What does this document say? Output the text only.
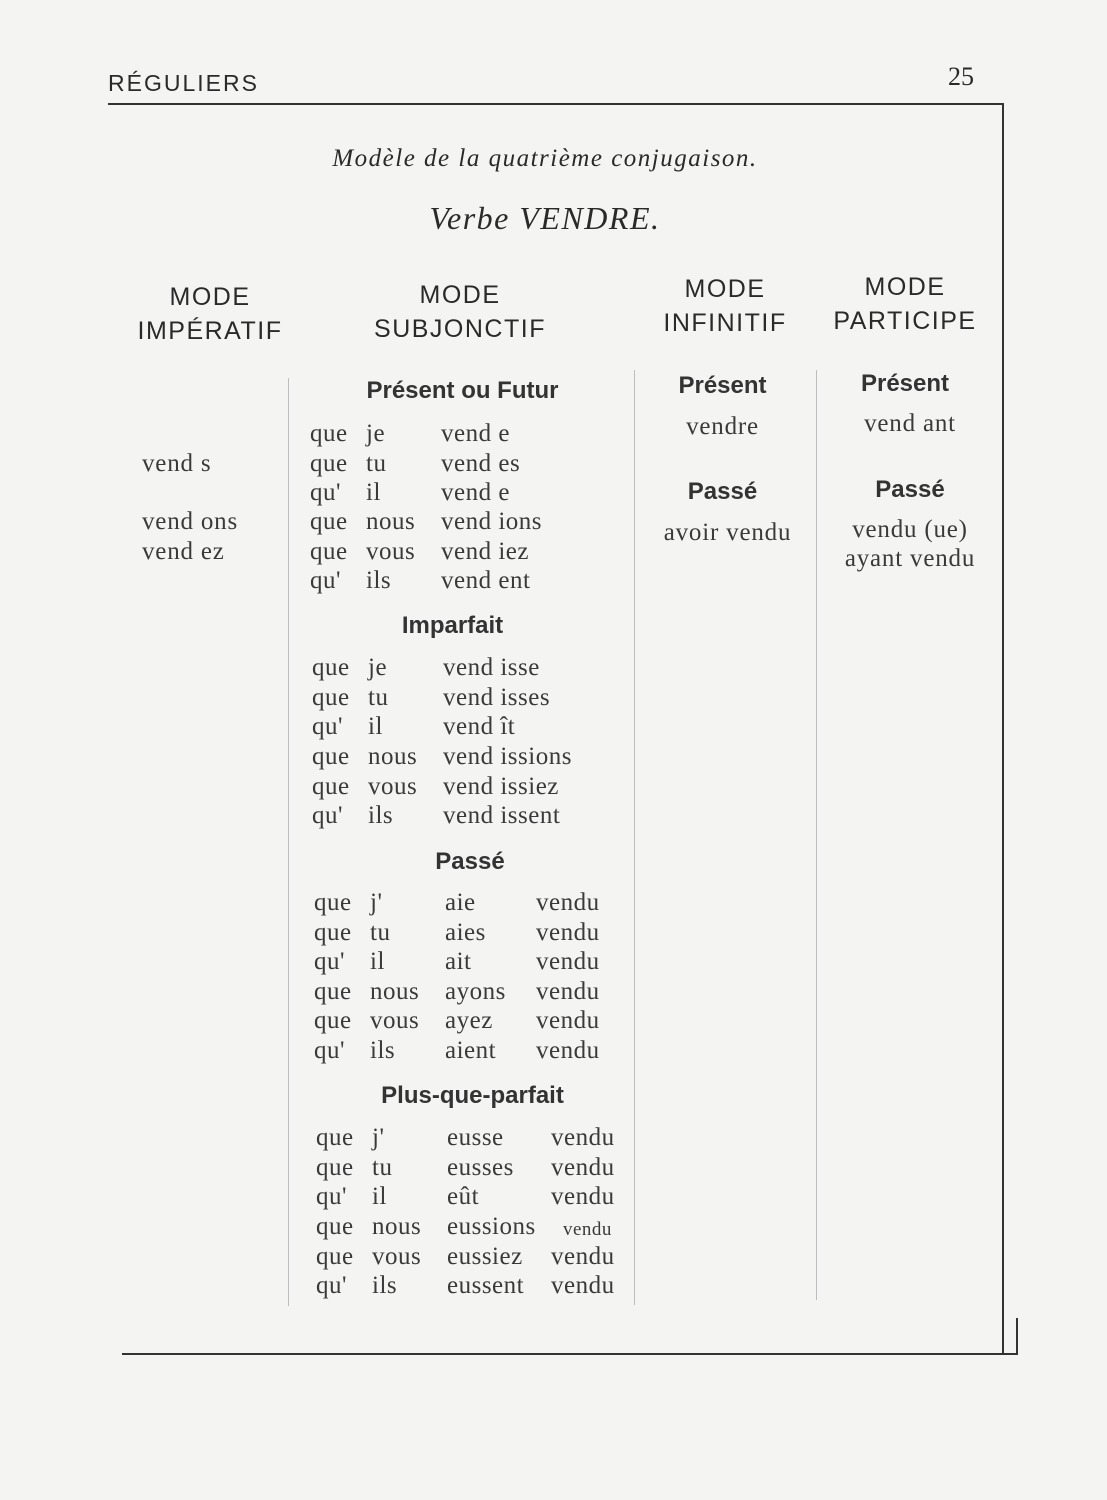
RÉGULIERS	25
Modèle de la quatrième conjugaison.
Verbe VENDRE.
MODE
IMPÉRATIF
MODE
SUBJONCTIF
MODE
INFINITIF
MODE
PARTICIPE
vend s
vend ons
vend ez
Présent ou Futur
Imparfait
Passé
Plus-que-parfait
que je vend e
que tu vend es
qu' il vend e
que nous vend ions
que vous vend iez
qu' ils vend ent
que je vend isse
que tu vend isses
qu' il vend ît
que nous vend issions
que vous vend issiez
qu' ils vend issent
que j'	aie vendu
que tu aies vendu
qu' il ait	vendu
que nous ayons vendu
que vous ayez vendu
qu' ils aient vendu
que j'	eusse vendu
que tu eusses vendu
qu' il eût	vendu
que nous eussions vendu
que vous eussiez vendu
qu' ils eussent vendu
Présent
vendre
Passé
avoir vendu
Présent
vend ant
Passé
vendu (ue)
ayant vendu
